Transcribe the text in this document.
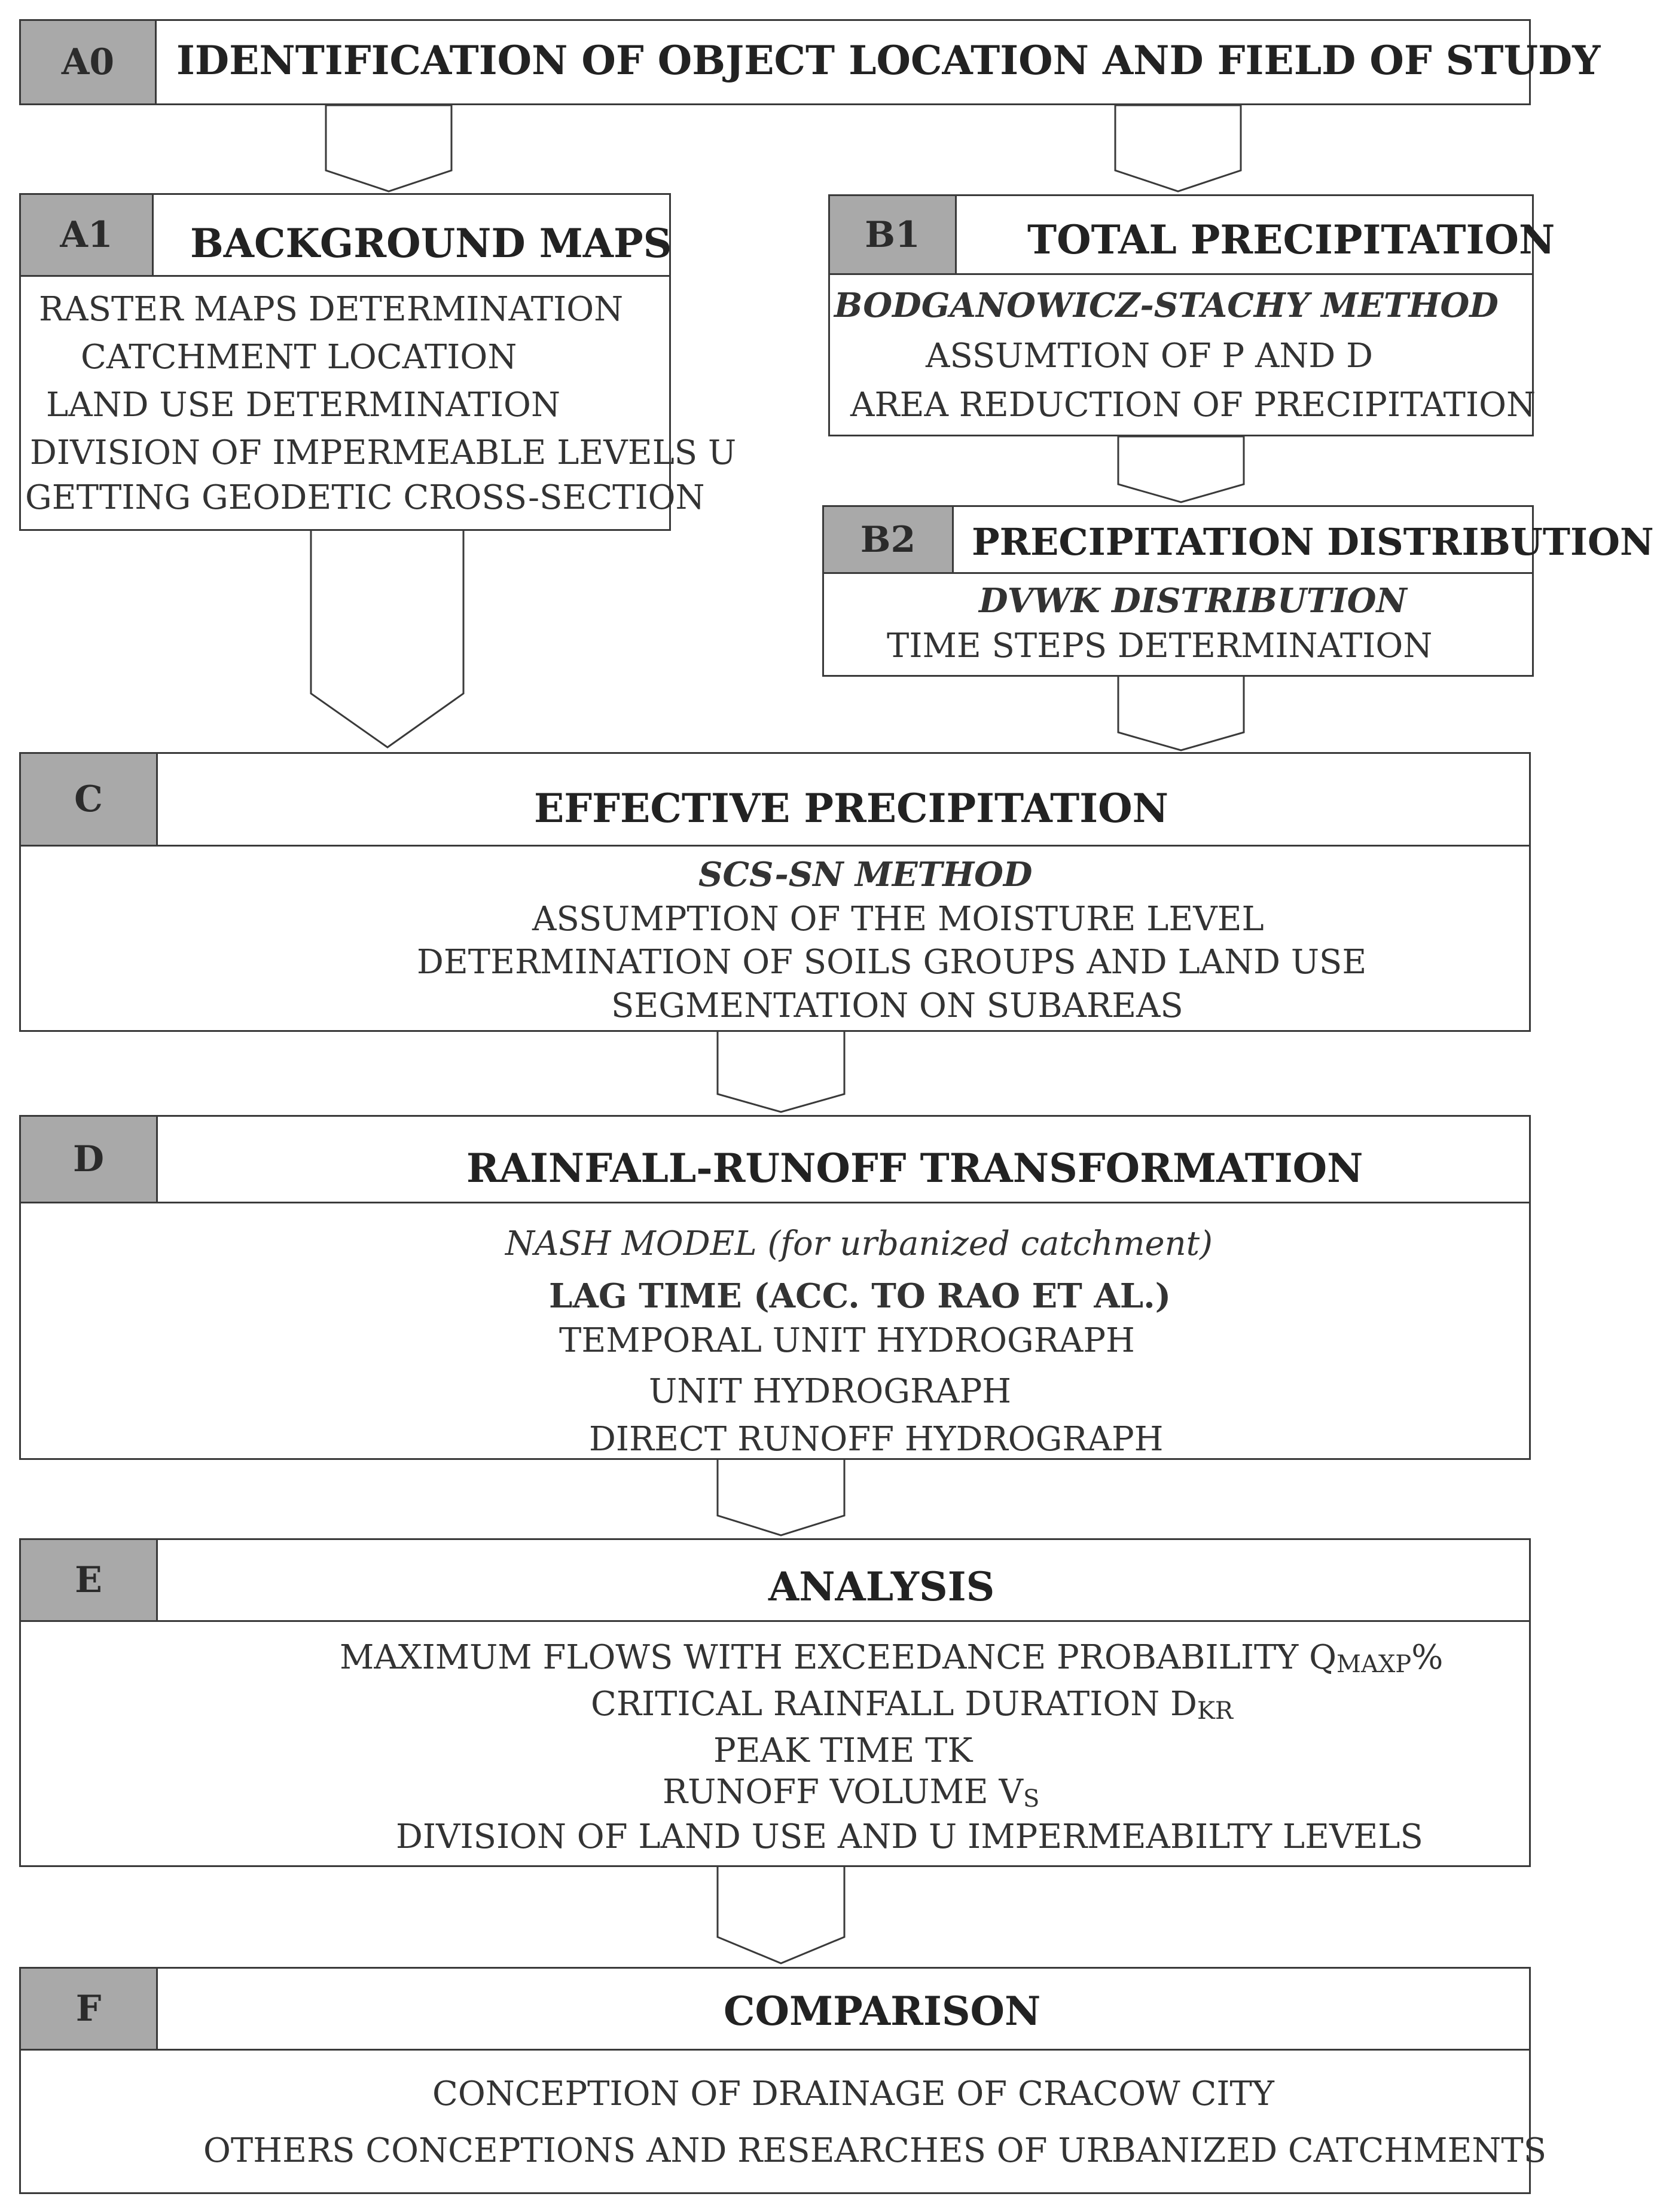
A0	IDENTIFICATION OF OBJECT LOCATION AND FIELD OF STUDY
A1	BACKGROUND MAPS
RASTER MAPS DETERMINATION
CATCHMENT LOCATION
LAND USE DETERMINATION
DIVISION OF IMPERMEABLE LEVELS U
GETTING GEODETIC CROSS-SECTION
B1	TOTAL PRECIPITATION
BODGANOWICZ-STACHY METHOD
ASSUMTION OF P AND D
AREA REDUCTION OF PRECIPITATION
B2	PRECIPITATION DISTRIBUTION
DVWK DISTRIBUTION
TIME STEPS DETERMINATION
C	EFFECTIVE PRECIPITATION
SCS-SN METHOD
ASSUMPTION OF THE MOISTURE LEVEL
DETERMINATION OF SOILS GROUPS AND LAND USE
SEGMENTATION ON SUBAREAS
D	RAINFALL-RUNOFF TRANSFORMATION
NASH MODEL (for urbanized catchment)
LAG TIME (ACC. TO RAO ET AL.)
TEMPORAL UNIT HYDROGRAPH
UNIT HYDROGRAPH
DIRECT RUNOFF HYDROGRAPH
E	ANALYSIS
MAXIMUM FLOWS WITH EXCEEDANCE PROBABILITY QMAXP%
CRITICAL RAINFALL DURATION DKR
PEAK TIME TK
RUNOFF VOLUME VS
DIVISION OF LAND USE AND U IMPERMEABILTY LEVELS
F	COMPARISON
CONCEPTION OF DRAINAGE OF CRACOW CITY
OTHERS CONCEPTIONS AND RESEARCHES OF URBANIZED CATCHMENTS
